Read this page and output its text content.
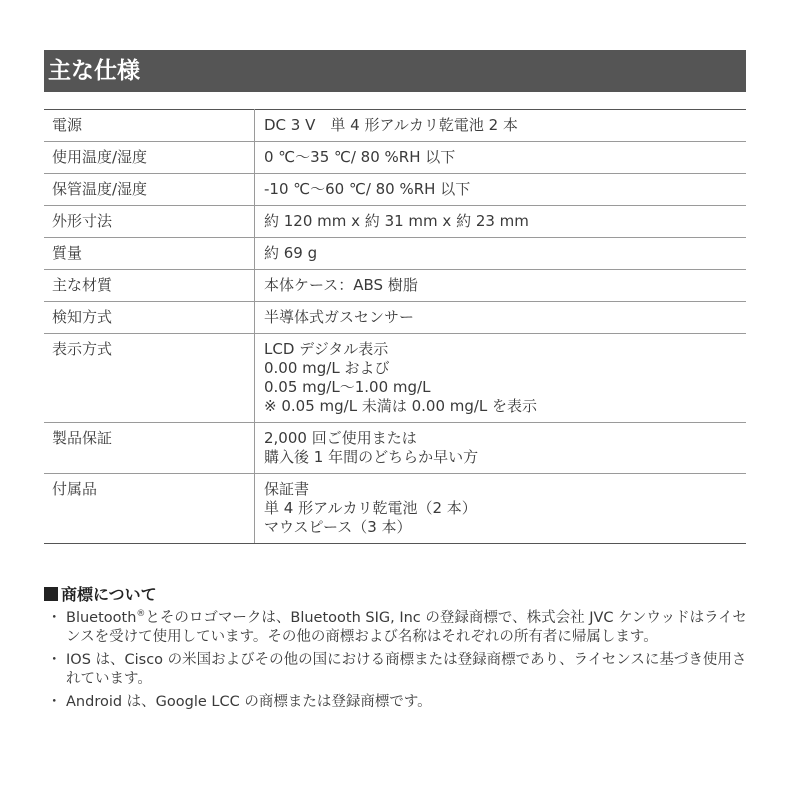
主な仕様
電源	DC 3 V　単 4 形アルカリ乾電池 2 本

使用温度/湿度	0 ℃〜35 ℃/ 80 %RH 以下

保管温度/湿度	-10 ℃〜60 ℃/ 80 %RH 以下

外形寸法	約 120 mm x 約 31 mm x 約 23 mm

質量	約 69 g

主な材質	本体ケース：ABS 樹脂

検知方式	半導体式ガスセンサー

表示方式	LCD デジタル表示
0.00 mg/L および
0.05 mg/L〜1.00 mg/L
※ 0.05 mg/L 未満は 0.00 mg/L を表示

製品保証	2,000 回ご使用または
購入後 1 年間のどちらか早い方

付属品	保証書
単 4 形アルカリ乾電池（2 本）
マウスピース（3 本）
商標について
・ Bluetooth®とそのロゴマークは、Bluetooth SIG, Inc の登録商標で、株式会社 JVC ケンウッドはライセンスを受けて使用しています。その他の商標および名称はそれぞれの所有者に帰属します。
・ IOS は、Cisco の米国およびその他の国における商標または登録商標であり、ライセンスに基づき使用されています。
・ Android は、Google LCC の商標または登録商標です。
